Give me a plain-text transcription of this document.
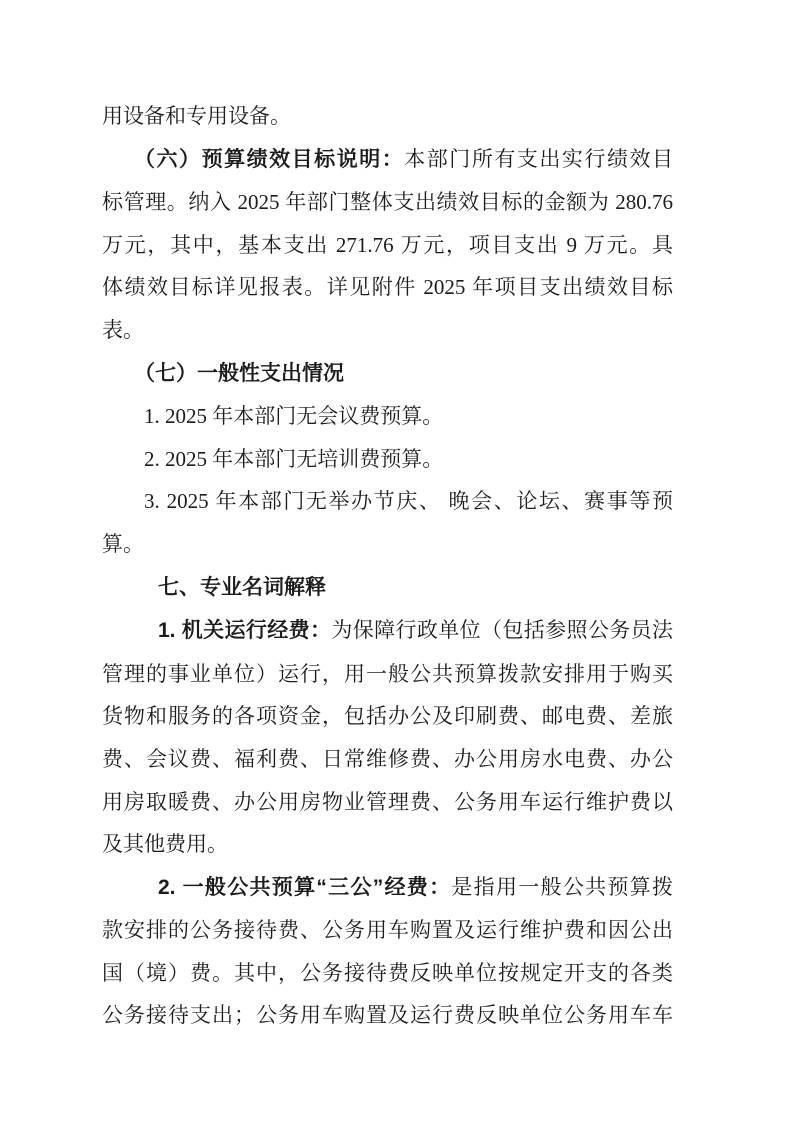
用设备和专用设备。
（六）预算绩效目标说明：本部门所有支出实行绩效目
标管理。纳入 2025 年部门整体支出绩效目标的金额为 280.76
万元，其中，基本支出 271.76 万元，项目支出 9 万元。具
体绩效目标详见报表。详见附件 2025 年项目支出绩效目标
表。
（七）一般性支出情况
1. 2025 年本部门无会议费预算。
2. 2025 年本部门无培训费预算。
3. 2025 年本部门无举办节庆、 晚会、论坛、赛事等预
算。
七、专业名词解释
1. 机关运行经费：为保障行政单位（包括参照公务员法
管理的事业单位）运行，用一般公共预算拨款安排用于购买
货物和服务的各项资金，包括办公及印刷费、邮电费、差旅
费、会议费、福利费、日常维修费、办公用房水电费、办公
用房取暖费、办公用房物业管理费、公务用车运行维护费以
及其他费用。
2. 一般公共预算“三公”经费：是指用一般公共预算拨
款安排的公务接待费、公务用车购置及运行维护费和因公出
国（境）费。其中，公务接待费反映单位按规定开支的各类
公务接待支出；公务用车购置及运行费反映单位公务用车车
